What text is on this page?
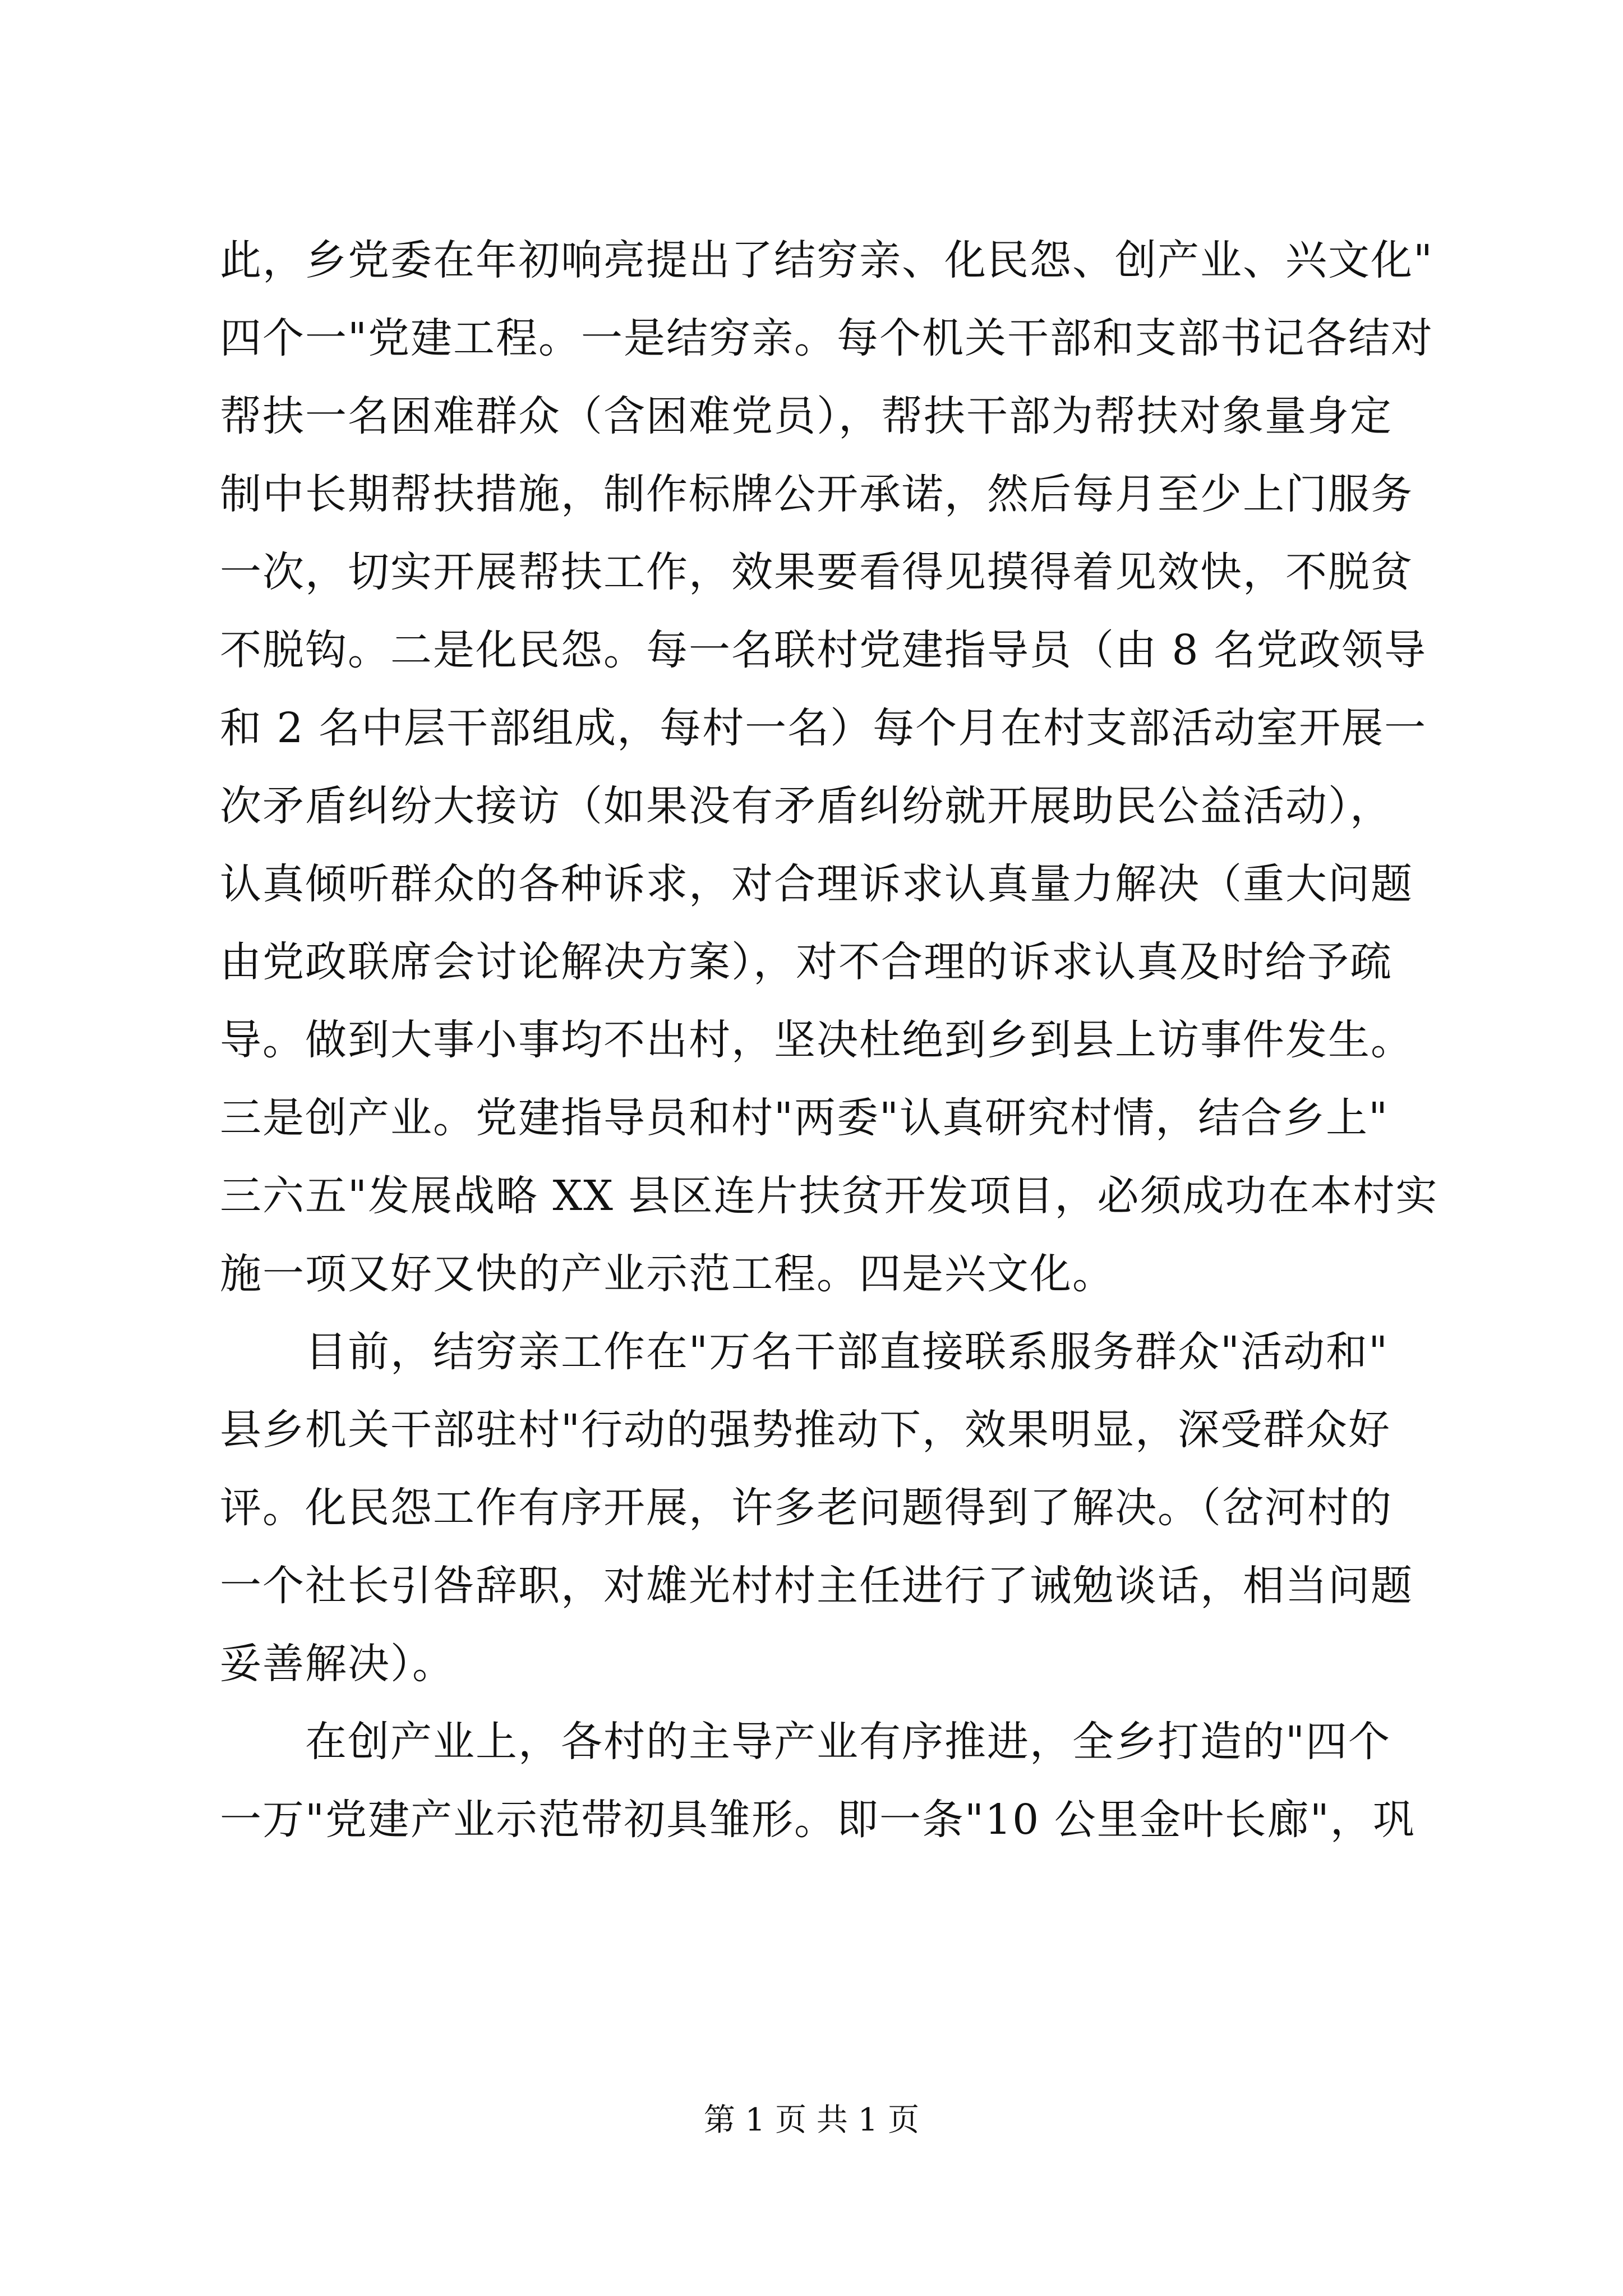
此，乡党委在年初响亮提出了结穷亲、化民怨、创产业、兴文化"
四个一"党建工程。一是结穷亲。每个机关干部和支部书记各结对
帮扶一名困难群众（含困难党员），帮扶干部为帮扶对象量身定
制中长期帮扶措施，制作标牌公开承诺，然后每月至少上门服务
一次，切实开展帮扶工作，效果要看得见摸得着见效快，不脱贫
不脱钩。二是化民怨。每一名联村党建指导员（由 8 名党政领导
和 2 名中层干部组成，每村一名）每个月在村支部活动室开展一
次矛盾纠纷大接访（如果没有矛盾纠纷就开展助民公益活动），
认真倾听群众的各种诉求，对合理诉求认真量力解决（重大问题
由党政联席会讨论解决方案），对不合理的诉求认真及时给予疏
导。做到大事小事均不出村，坚决杜绝到乡到县上访事件发生。
三是创产业。党建指导员和村"两委"认真研究村情，结合乡上"
三六五"发展战略 XX 县区连片扶贫开发项目，必须成功在本村实
施一项又好又快的产业示范工程。四是兴文化。
　　目前，结穷亲工作在"万名干部直接联系服务群众"活动和"
县乡机关干部驻村"行动的强势推动下，效果明显，深受群众好
评。化民怨工作有序开展，许多老问题得到了解决。（岔河村的
一个社长引咎辞职，对雄光村村主任进行了诫勉谈话，相当问题
妥善解决）。
　　在创产业上，各村的主导产业有序推进，全乡打造的"四个
一万"党建产业示范带初具雏形。即一条"10 公里金叶长廊"，巩
第 1 页 共 1 页
